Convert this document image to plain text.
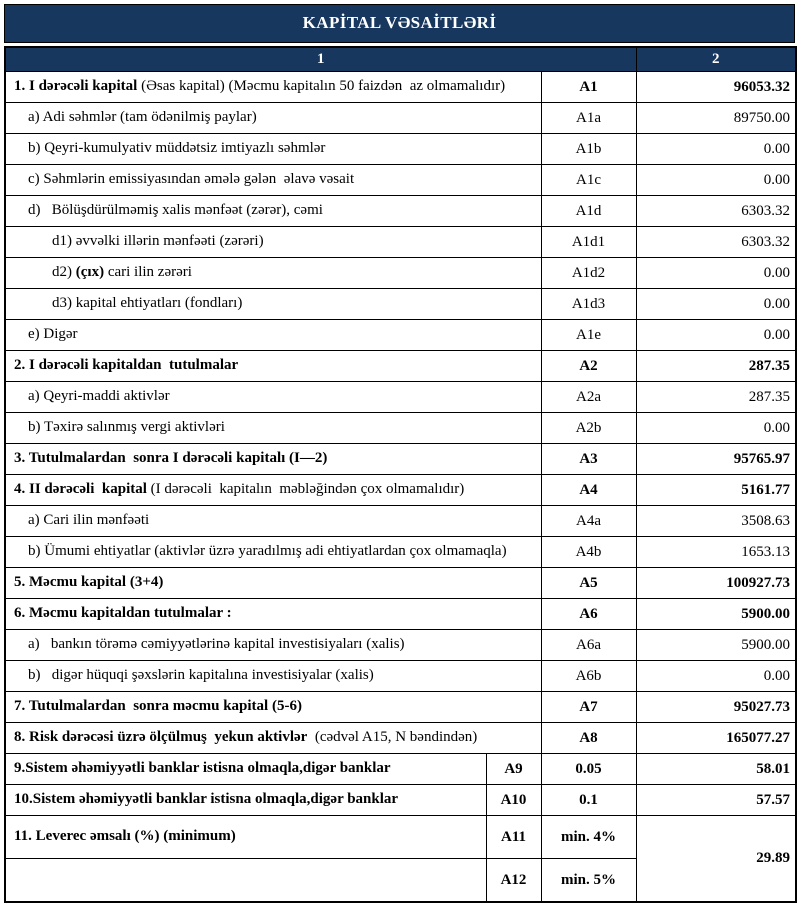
KAPİTAL VƏSAİTLƏRİ
1			2
1. I dərəcəli kapital (Əsas kapital) (Məcmu kapitalın 50 faizdən  az olmamalıdır)		A1	96053.32
a) Adi səhmlər (tam ödənilmiş paylar)		A1a	89750.00
b) Qeyri-kumulyativ müddətsiz imtiyazlı səhmlər		A1b	0.00
c) Səhmlərin emissiyasından əmələ gələn  əlavə vəsait		A1c	0.00
d)   Bölüşdürülməmiş xalis mənfəət (zərər), cəmi		A1d	6303.32
d1) əvvəlki illərin mənfəəti (zərəri)		A1d1	6303.32
d2) (çıx) cari ilin zərəri		A1d2	0.00
d3) kapital ehtiyatları (fondları)		A1d3	0.00
e) Digər		A1e	0.00
2. I dərəcəli kapitaldan  tutulmalar		A2	287.35
a) Qeyri-maddi aktivlər		A2a	287.35
b) Təxirə salınmış vergi aktivləri		A2b	0.00
3. Tutulmalardan  sonra I dərəcəli kapitalı (I—2)		A3	95765.97
4. II dərəcəli  kapital (I dərəcəli  kapitalın  məbləğindən çox olmamalıdır)		A4	5161.77
a) Cari ilin mənfəəti		A4a	3508.63
b) Ümumi ehtiyatlar (aktivlər üzrə yaradılmış adi ehtiyatlardan çox olmamaqla)		A4b	1653.13
5. Məcmu kapital (3+4)		A5	100927.73
6. Məcmu kapitaldan tutulmalar :		A6	5900.00
a)   bankın törəmə cəmiyyətlərinə kapital investisiyaları (xalis)		A6a	5900.00
b)   digər hüquqi şəxslərin kapitalına investisiyalar (xalis)		A6b	0.00
7. Tutulmalardan  sonra məcmu kapital (5-6)		A7	95027.73
8. Risk dərəcəsi üzrə ölçülmuş  yekun aktivlər  (cədvəl A15, N bəndindən)		A8	165077.27
9.Sistem əhəmiyyətli banklar istisna olmaqla,digər banklar	A9	0.05	58.01
10.Sistem əhəmiyyətli banklar istisna olmaqla,digər banklar	A10	0.1	57.57
11. Leverec əmsalı (%) (minimum)	A11	min. 4%	29.89
	A12	min. 5%	
